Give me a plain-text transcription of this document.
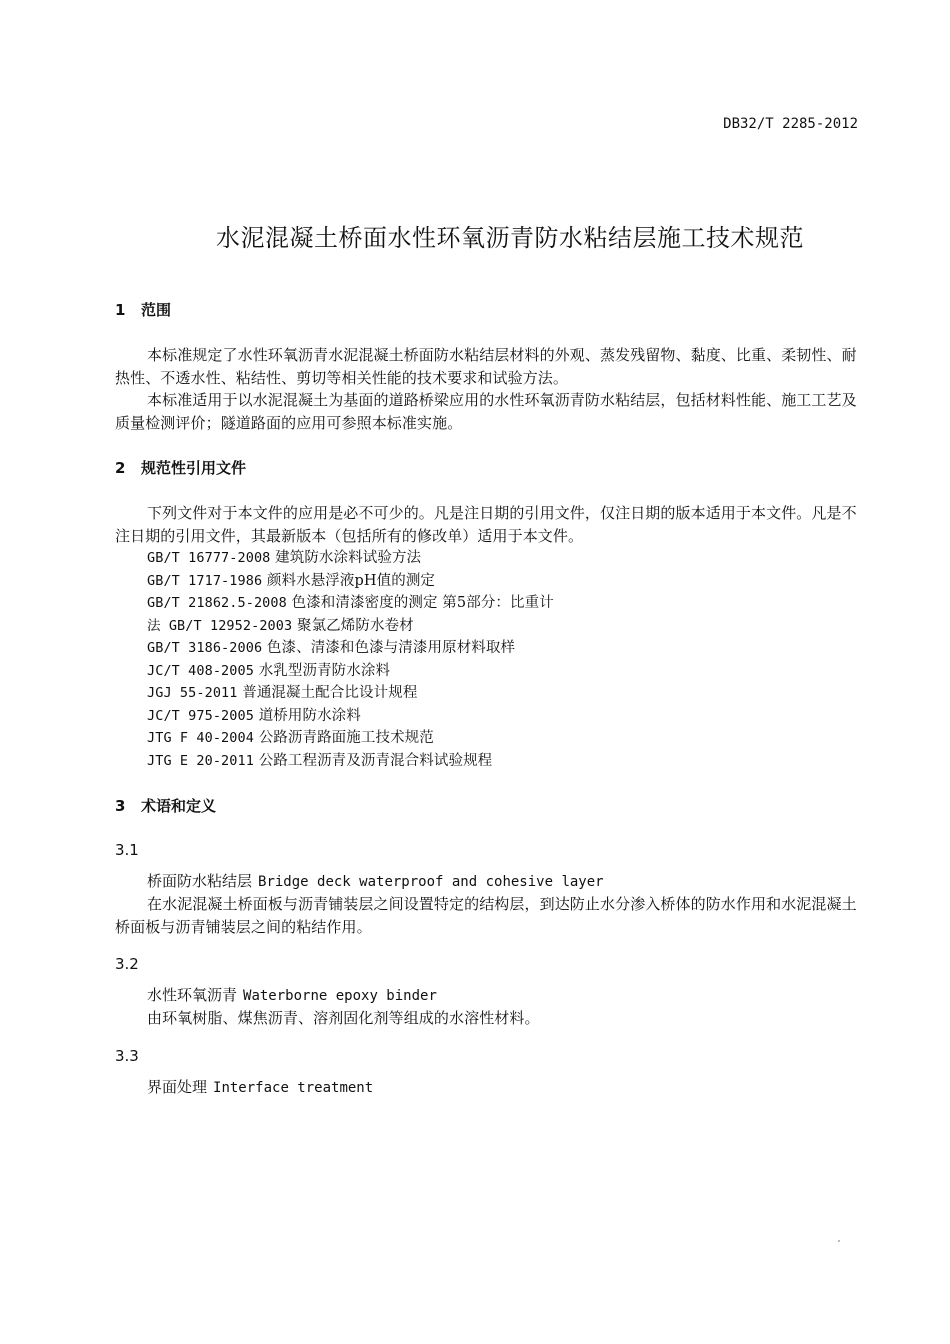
DB32/T 2285-2012
水泥混凝土桥面水性环氧沥青防水粘结层施工技术规范
1 范围

本标准规定了水性环氧沥青水泥混凝土桥面防水粘结层材料的外观、蒸发残留物、黏度、比重、柔韧性、耐热性、不透水性、粘结性、剪切等相关性能的技术要求和试验方法。

本标准适用于以水泥混凝土为基面的道路桥梁应用的水性环氧沥青防水粘结层，包括材料性能、施工工艺及质量检测评价；隧道路面的应用可参照本标准实施。

2 规范性引用文件

下列文件对于本文件的应用是必不可少的。凡是注日期的引用文件，仅注日期的版本适用于本文件。凡是不注日期的引用文件，其最新版本（包括所有的修改单）适用于本文件。

GB/T 16777-2008 建筑防水涂料试验方法
GB/T 1717-1986 颜料水悬浮液pH值的测定
GB/T 21862.5-2008 色漆和清漆密度的测定 第5部分：比重计
法 GB/T 12952-2003 聚氯乙烯防水卷材
GB/T 3186-2006 色漆、清漆和色漆与清漆用原材料取样
JC/T 408-2005 水乳型沥青防水涂料
JGJ 55-2011 普通混凝土配合比设计规程
JC/T 975-2005 道桥用防水涂料
JTG F 40-2004 公路沥青路面施工技术规范
JTG E 20-2011 公路工程沥青及沥青混合料试验规程
3 术语和定义
3.1
桥面防水粘结层 Bridge deck waterproof and cohesive layer

在水泥混凝土桥面板与沥青铺装层之间设置特定的结构层，到达防止水分渗入桥体的防水作用和水泥混凝土桥面板与沥青铺装层之间的粘结作用。

3.2
水性环氧沥青 Waterborne epoxy binder

由环氧树脂、煤焦沥青、溶剂固化剂等组成的水溶性材料。

3.3
界面处理 Interface treatment
